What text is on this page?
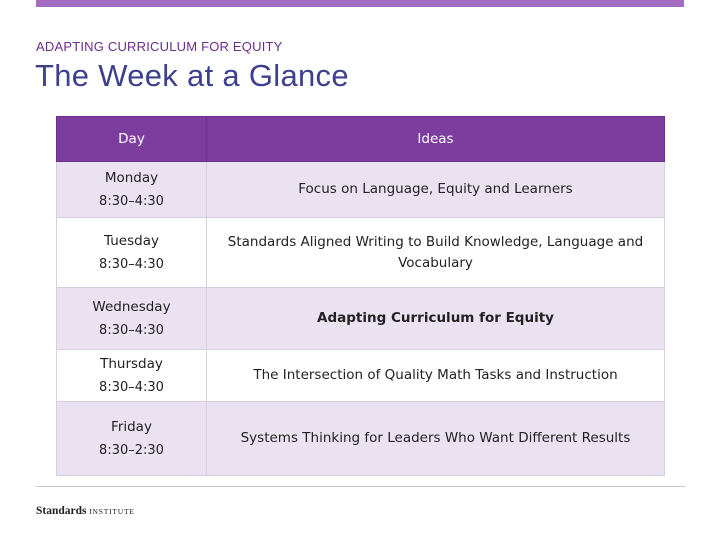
ADAPTING CURRICULUM FOR EQUITY
The Week at a Glance
Day	Ideas

Monday
8:30–4:30	Focus on Language, Equity and Learners

Tuesday
8:30–4:30	Standards Aligned Writing to Build Knowledge, Language and Vocabulary

Wednesday
8:30–4:30	Adapting Curriculum for Equity

Thursday
8:30–4:30	The Intersection of Quality Math Tasks and Instruction

Friday
8:30–2:30	Systems Thinking for Leaders Who Want Different Results
Standards INSTITUTE
